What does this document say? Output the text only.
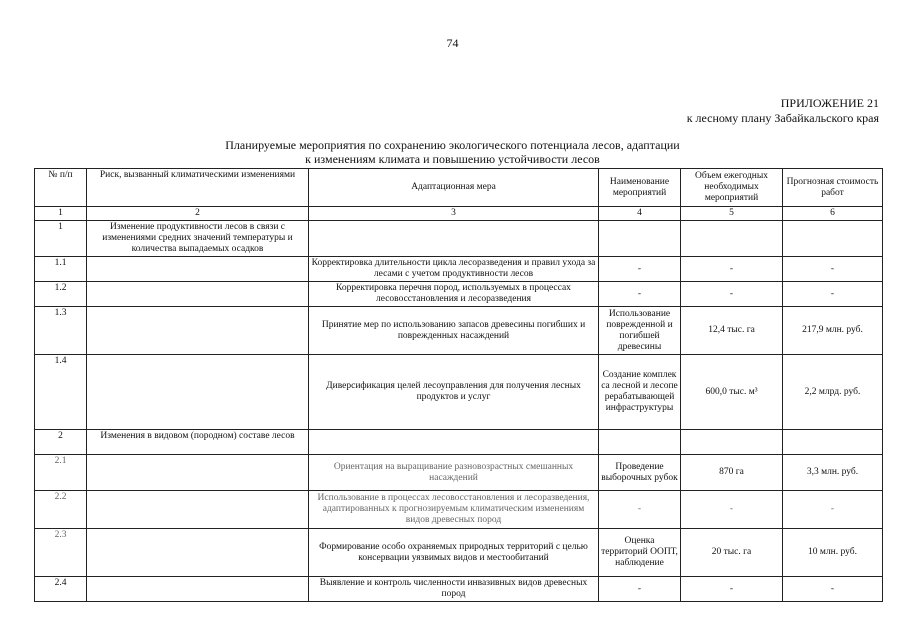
74
ПРИЛОЖЕНИЕ 21
к лесному плану Забайкальского края
Планируемые мероприятия по сохранению экологического потенциала лесов, адаптации
к изменениям климата и повышению устойчивости лесов
№ п/п	Риск, вызванный климатическими изменениями	Адаптационная мера	Наименование мероприятий	Объем ежегодных необходимых мероприятий	Прогнозная стоимость работ
1	2	3	4	5	6
1	Изменение продуктивности лесов в связи с изменениями средних значений температуры и количества выпадаемых осадков				
1.1		Корректировка длительности цикла лесоразведения и правил ухода за лесами с учетом продуктивности лесов	-	-	-
1.2		Корректировка перечня пород, используемых в процессах лесовосстановления и лесоразведения	-	-	-
1.3		Принятие мер по использованию запасов древесины погибших и поврежденных насаждений	Использование поврежденной и погибшей древесины	12,4 тыс. га	217,9 млн. руб.
1.4		Диверсификация целей лесоуправления для получения лесных продуктов и услуг	Создание комплекса лесной и лесоперерабатывающей инфраструктуры	600,0 тыс. м³	2,2 млрд. руб.
2	Изменения в видовом (породном) составе лесов				
2.1		Ориентация на выращивание разновозрастных смешанных насаждений	Проведение выборочных рубок	870 га	3,3 млн. руб.
2.2		Использование в процессах лесовосстановления и лесоразведения, адаптированных к прогнозируемым климатическим изменениям видов древесных пород	-	-	-
2.3		Формирование особо охраняемых природных территорий с целью консервации уязвимых видов и местообитаний	Оценка территорий ООПТ, наблюдение	20 тыс. га	10 млн. руб.
2.4		Выявление и контроль численности инвазивных видов древесных пород	-	-	-
